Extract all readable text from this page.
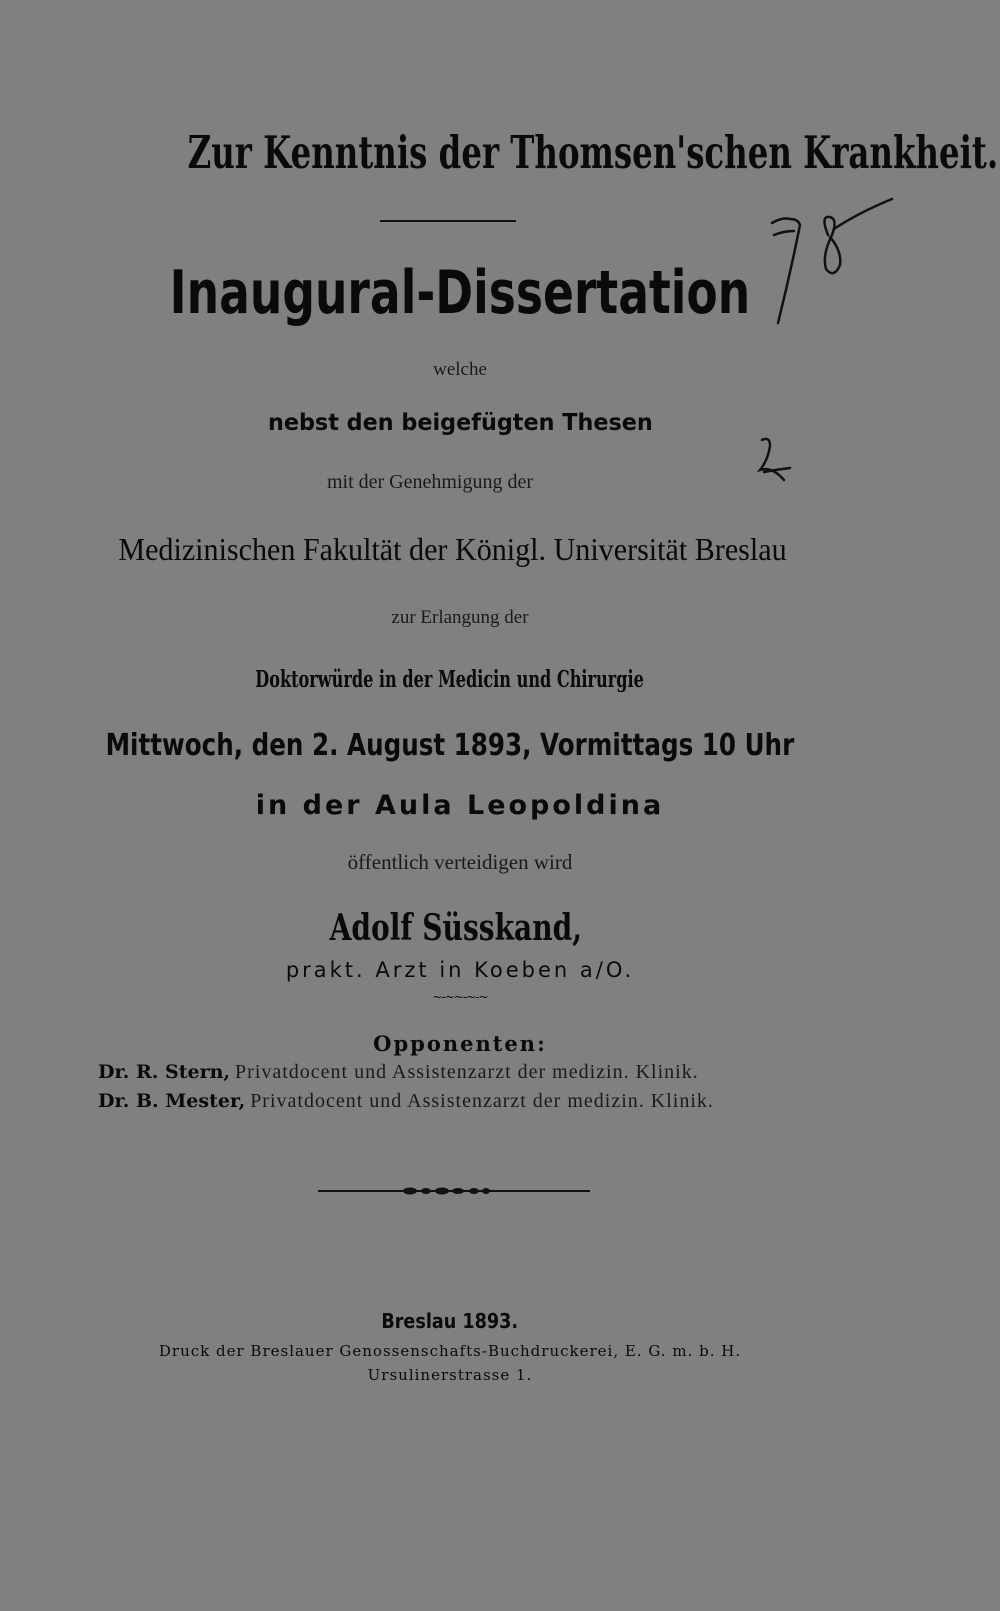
Zur Kenntnis der Thomsen'schen Krankheit.
Inaugural-Dissertation
welche
nebst den beigefügten Thesen
mit der Genehmigung der
Medizinischen Fakultät der Königl. Universität Breslau
zur Erlangung der
Doktorwürde in der Medicin und Chirurgie
Mittwoch, den 2. August 1893, Vormittags 10 Uhr
in der Aula Leopoldina
öffentlich verteidigen wird
Adolf Süsskand,
prakt. Arzt in Koeben a/O.
~-~~-~-~
Opponenten:
Dr. R. Stern, Privatdocent und Assistenzarzt der medizin. Klinik.
Dr. B. Mester, Privatdocent und Assistenzarzt der medizin. Klinik.
Breslau 1893.
Druck der Breslauer Genossenschafts-Buchdruckerei, E. G. m. b. H.
Ursulinerstrasse 1.
